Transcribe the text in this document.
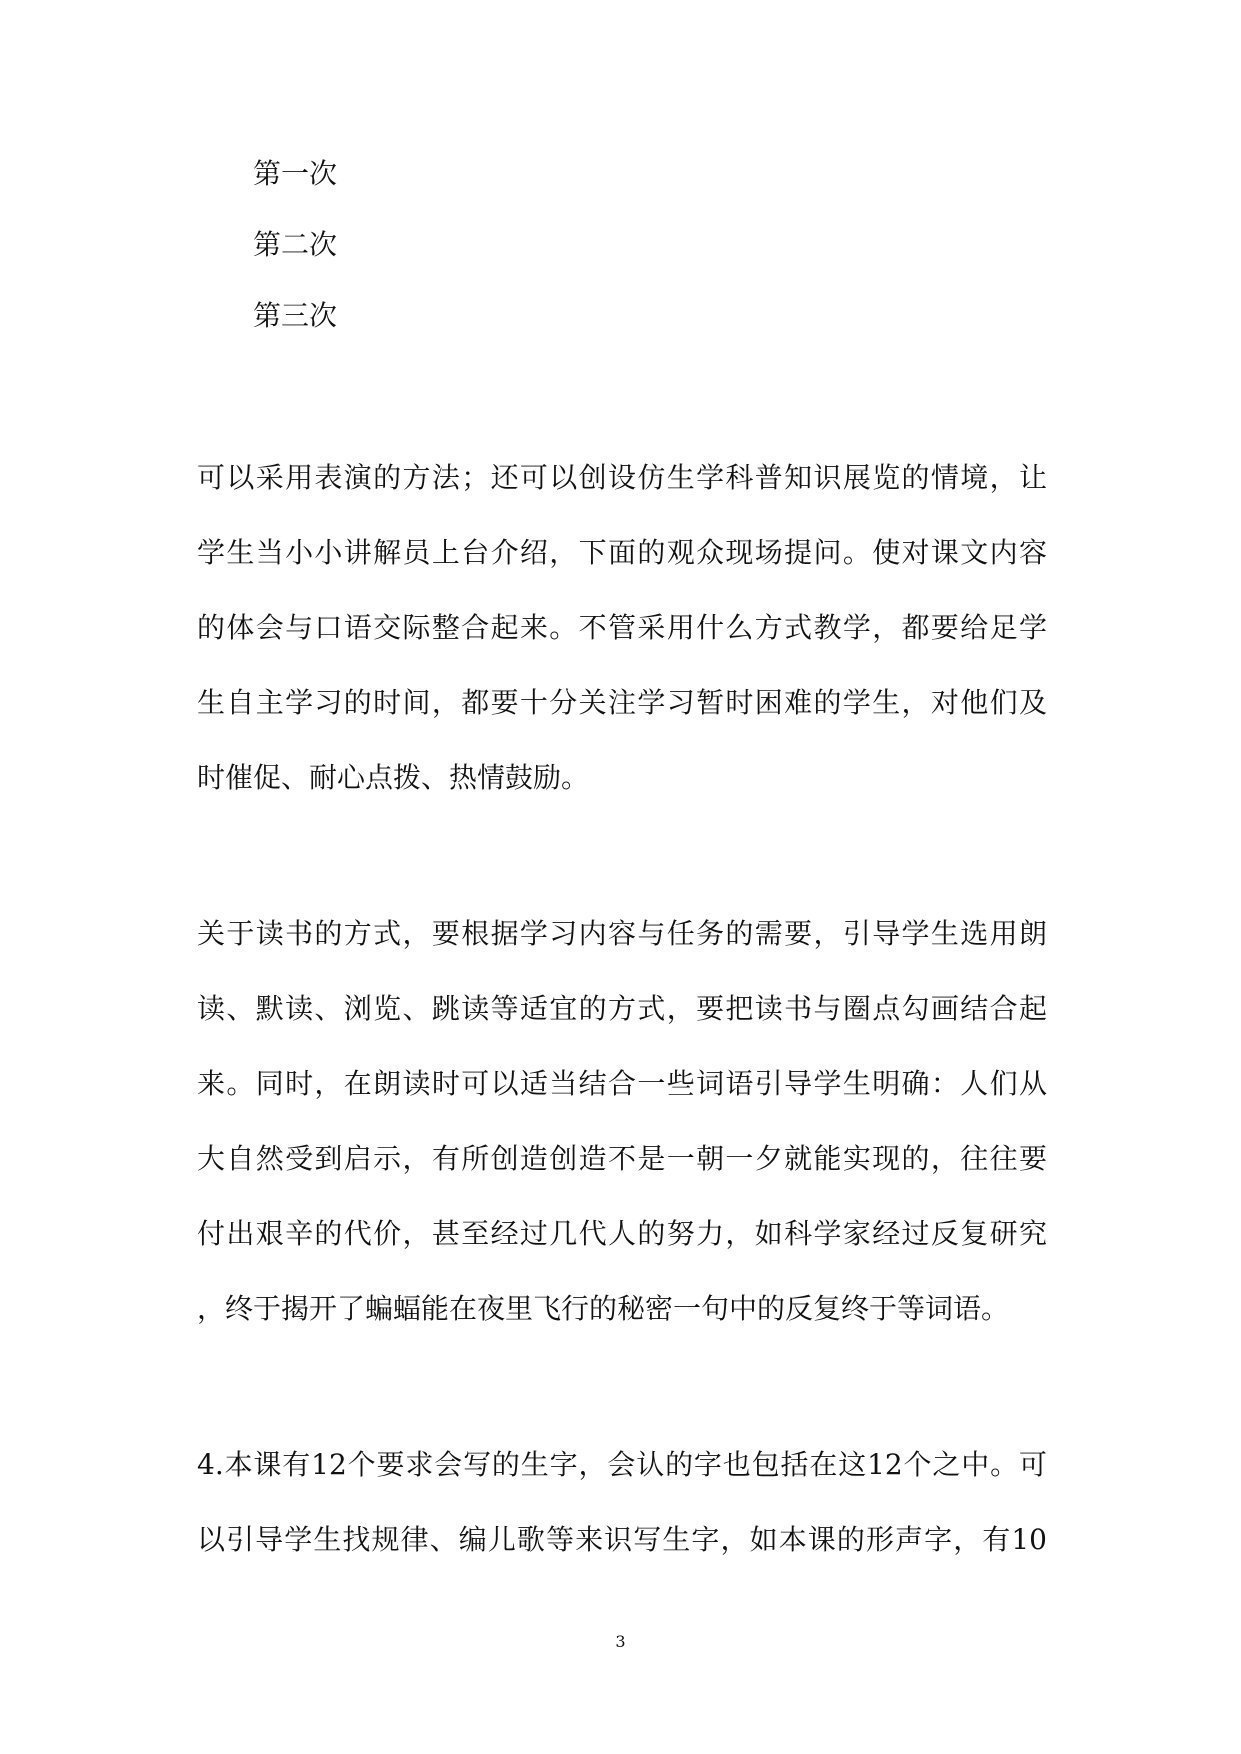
第一次
第二次
第三次
可以采用表演的方法；还可以创设仿生学科普知识展览的情境，让
学生当小小讲解员上台介绍，下面的观众现场提问。使对课文内容
的体会与口语交际整合起来。不管采用什么方式教学，都要给足学
生自主学习的时间，都要十分关注学习暂时困难的学生，对他们及
时催促、耐心点拨、热情鼓励。
关于读书的方式，要根据学习内容与任务的需要，引导学生选用朗
读、默读、浏览、跳读等适宜的方式，要把读书与圈点勾画结合起
来。同时，在朗读时可以适当结合一些词语引导学生明确：人们从
大自然受到启示，有所创造创造不是一朝一夕就能实现的，往往要
付出艰辛的代价，甚至经过几代人的努力，如科学家经过反复研究
，终于揭开了蝙蝠能在夜里飞行的秘密一句中的反复终于等词语。
4.本课有12个要求会写的生字，会认的字也包括在这12个之中。可
以引导学生找规律、编儿歌等来识写生字，如本课的形声字，有10
3
